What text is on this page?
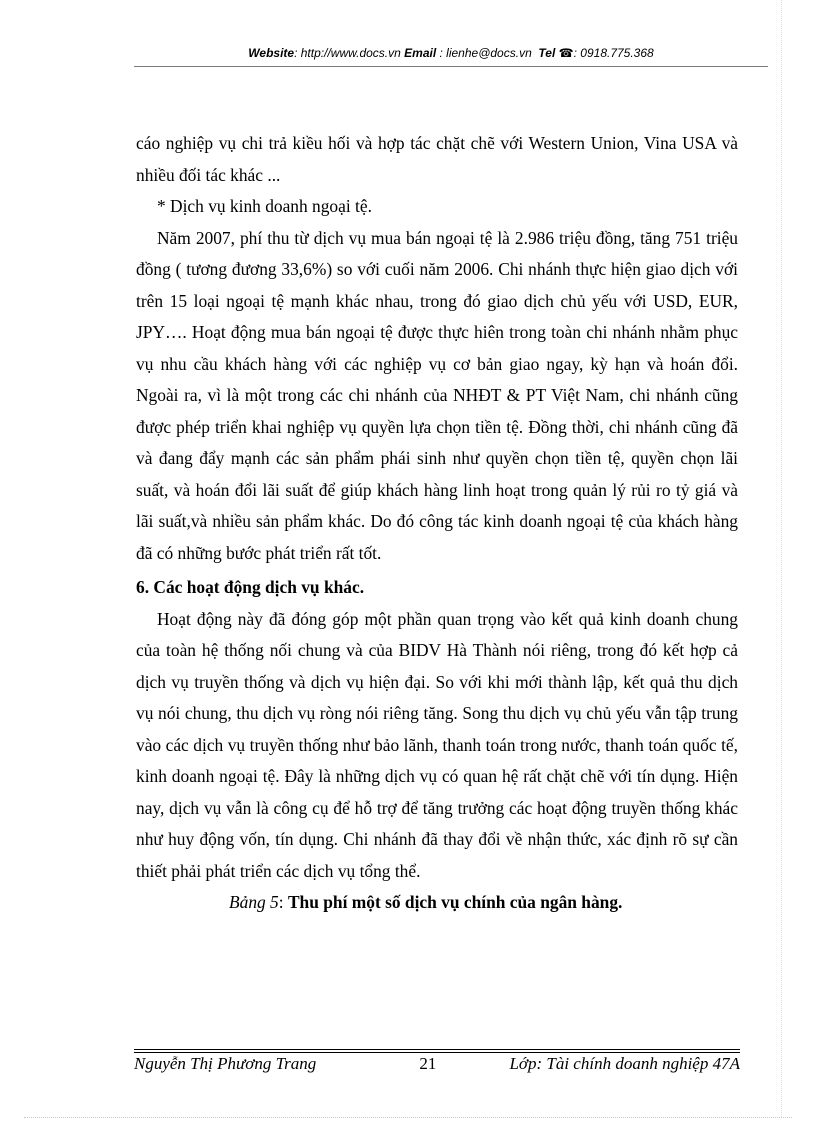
Website: http://www.docs.vn Email : lienhe@docs.vn Tel ☎: 0918.775.368

cáo nghiệp vụ chi trả kiều hối và hợp tác chặt chẽ với Western Union, Vina USA và nhiều đối tác khác ...

* Dịch vụ kinh doanh ngoại tệ.

Năm 2007, phí thu từ dịch vụ mua bán ngoại tệ là 2.986 triệu đồng, tăng 751 triệu đồng ( tương đương 33,6%) so với cuối năm 2006. Chi nhánh thực hiện giao dịch với trên 15 loại ngoại tệ mạnh khác nhau, trong đó giao dịch chủ yếu với USD, EUR, JPY…. Hoạt động mua bán ngoại tệ được thực hiên trong toàn chi nhánh nhằm phục vụ nhu cầu khách hàng với các nghiệp vụ cơ bản giao ngay, kỳ hạn và hoán đổi. Ngoài ra, vì là một trong các chi nhánh của NHĐT & PT Việt Nam, chi nhánh cũng được phép triển khai nghiệp vụ quyền lựa chọn tiền tệ. Đồng thời, chi nhánh cũng đã và đang đẩy mạnh các sản phẩm phái sinh như quyền chọn tiền tệ, quyền chọn lãi suất, và hoán đổi lãi suất để giúp khách hàng linh hoạt trong quản lý rủi ro tỷ giá và lãi suất,và nhiều sản phẩm khác. Do đó công tác kinh doanh ngoại tệ của khách hàng đã có những bước phát triển rất tốt.

6. Các hoạt động dịch vụ khác.

Hoạt động này đã đóng góp một phần quan trọng vào kết quả kinh doanh chung của toàn hệ thống nối chung và của BIDV Hà Thành nói riêng, trong đó kết hợp cả dịch vụ truyền thống và dịch vụ hiện đại. So với khi mới thành lập, kết quả thu dịch vụ nói chung, thu dịch vụ ròng nói riêng tăng. Song thu dịch vụ chủ yếu vẫn tập trung vào các dịch vụ truyền thống như bảo lãnh, thanh toán trong nước, thanh toán quốc tế, kinh doanh ngoại tệ. Đây là những dịch vụ có quan hệ rất chặt chẽ với tín dụng. Hiện nay, dịch vụ vẫn là công cụ để hỗ trợ để tăng trưởng các hoạt động truyền thống khác như huy động vốn, tín dụng. Chi nhánh đã thay đổi về nhận thức, xác định rõ sự cần thiết phải phát triển các dịch vụ tổng thể.

Bảng 5: Thu phí một số dịch vụ chính của ngân hàng.

Nguyễn Thị Phương Trang	21	Lớp: Tài chính doanh nghiệp 47A
